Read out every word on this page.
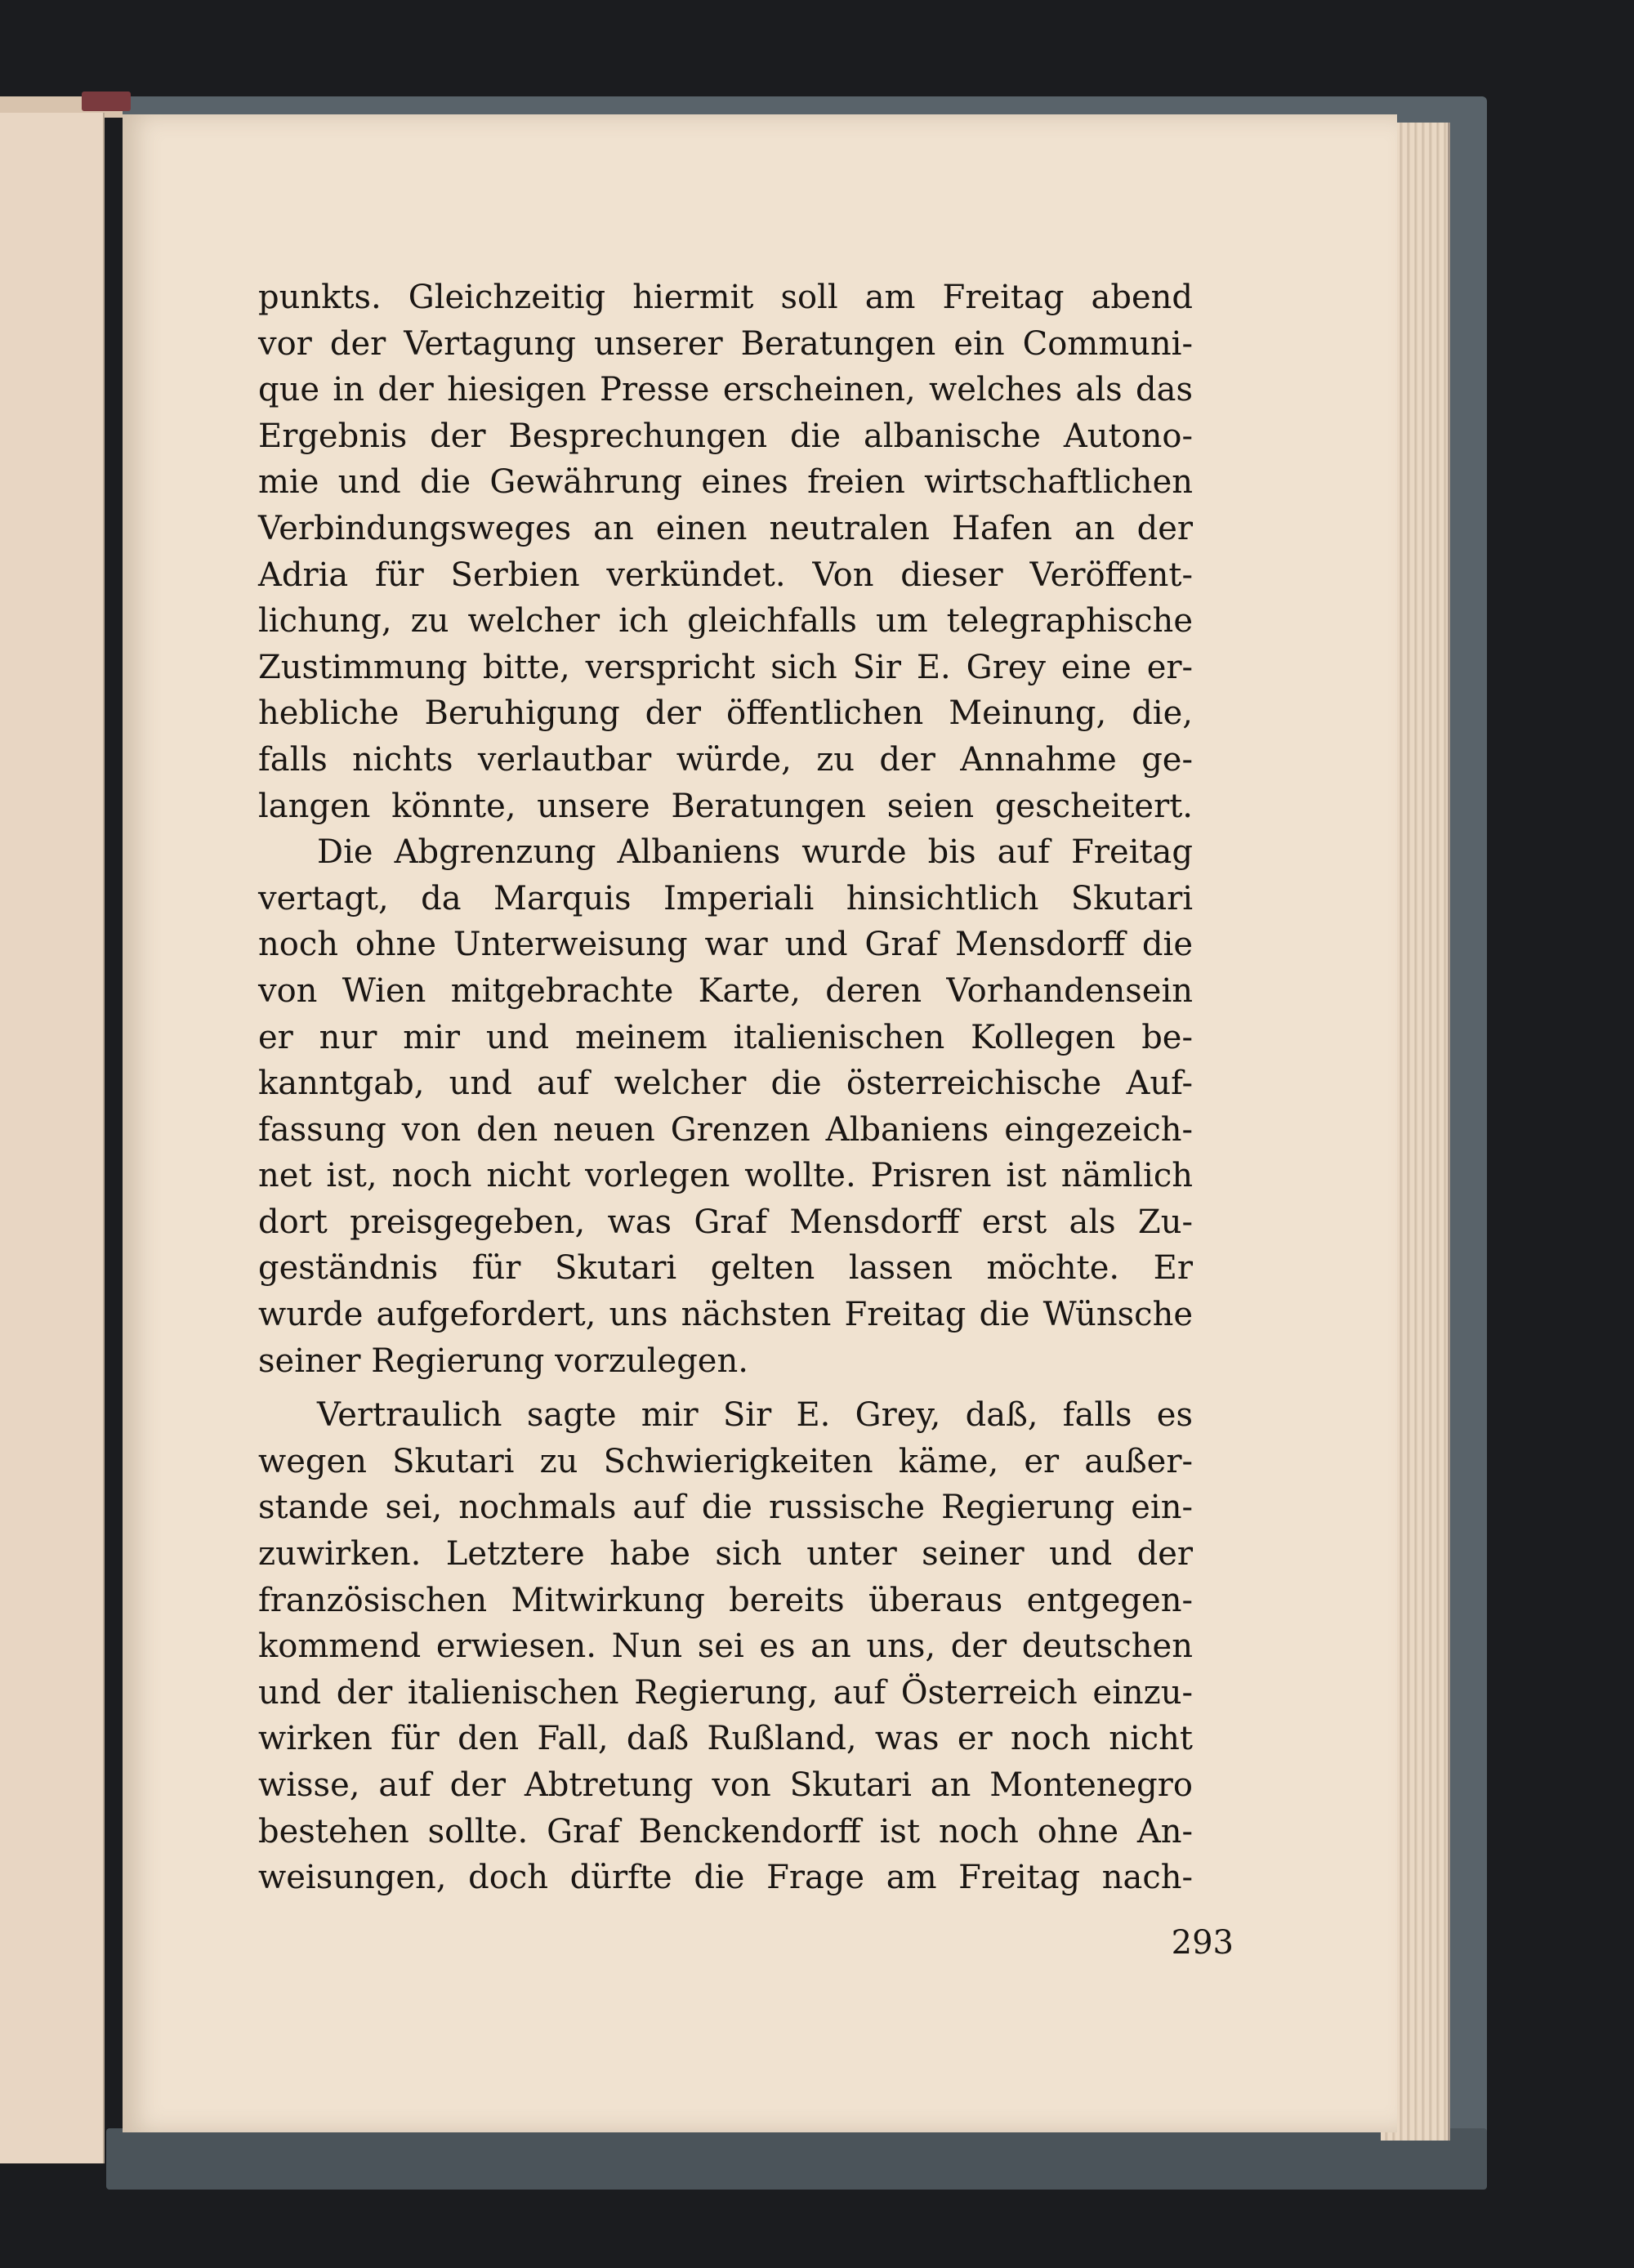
punkts. Gleichzeitig hiermit soll am Freitag abend
vor der Vertagung unserer Beratungen ein Communi-
que in der hiesigen Presse erscheinen, welches als das
Ergebnis der Besprechungen die albanische Autono-
mie und die Gewährung eines freien wirtschaftlichen
Verbindungsweges an einen neutralen Hafen an der
Adria für Serbien verkündet. Von dieser Veröffent-
lichung, zu welcher ich gleichfalls um telegraphische
Zustimmung bitte, verspricht sich Sir E. Grey eine er-
hebliche Beruhigung der öffentlichen Meinung, die,
falls nichts verlautbar würde, zu der Annahme ge-
langen könnte, unsere Beratungen seien gescheitert.
Die Abgrenzung Albaniens wurde bis auf Freitag
vertagt, da Marquis Imperiali hinsichtlich Skutari
noch ohne Unterweisung war und Graf Mensdorff die
von Wien mitgebrachte Karte, deren Vorhandensein
er nur mir und meinem italienischen Kollegen be-
kanntgab, und auf welcher die österreichische Auf-
fassung von den neuen Grenzen Albaniens eingezeich-
net ist, noch nicht vorlegen wollte. Prisren ist nämlich
dort preisgegeben, was Graf Mensdorff erst als Zu-
geständnis für Skutari gelten lassen möchte. Er
wurde aufgefordert, uns nächsten Freitag die Wünsche
seiner Regierung vorzulegen.
Vertraulich sagte mir Sir E. Grey, daß, falls es
wegen Skutari zu Schwierigkeiten käme, er außer-
stande sei, nochmals auf die russische Regierung ein-
zuwirken. Letztere habe sich unter seiner und der
französischen Mitwirkung bereits überaus entgegen-
kommend erwiesen. Nun sei es an uns, der deutschen
und der italienischen Regierung, auf Österreich einzu-
wirken für den Fall, daß Rußland, was er noch nicht
wisse, auf der Abtretung von Skutari an Montenegro
bestehen sollte. Graf Benckendorff ist noch ohne An-
weisungen, doch dürfte die Frage am Freitag nach-
293
